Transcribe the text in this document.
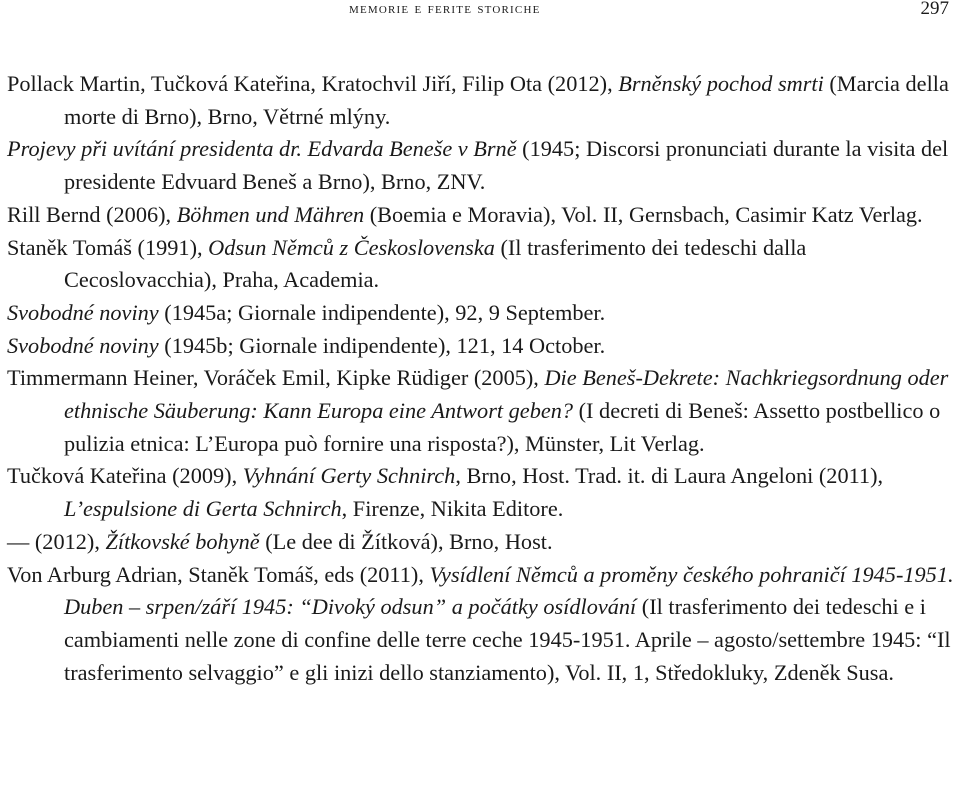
memorie e ferite storiche	297
Pollack Martin, Tučková Kateřina, Kratochvil Jiří, Filip Ota (2012), Brněnský pochod smrti (Marcia della morte di Brno), Brno, Větrné mlýny.
Projevy při uvítání presidenta dr. Edvarda Beneše v Brně (1945; Discorsi pronunciati durante la visita del presidente Edvuard Beneš a Brno), Brno, ZNV.
Rill Bernd (2006), Böhmen und Mähren (Boemia e Moravia), Vol. II, Gernsbach, Casimir Katz Verlag.
Staněk Tomáš (1991), Odsun Němců z Československa (Il trasferimento dei tedeschi dalla Cecoslovacchia), Praha, Academia.
Svobodné noviny (1945a; Giornale indipendente), 92, 9 September.
Svobodné noviny (1945b; Giornale indipendente), 121, 14 October.
Timmermann Heiner, Voráček Emil, Kipke Rüdiger (2005), Die Beneš-Dekrete: Nachkriegsordnung oder ethnische Säuberung: Kann Europa eine Antwort geben? (I decreti di Beneš: Assetto postbellico o pulizia etnica: L’Europa può fornire una risposta?), Münster, Lit Verlag.
Tučková Kateřina (2009), Vyhnání Gerty Schnirch, Brno, Host. Trad. it. di Laura Angeloni (2011), L’espulsione di Gerta Schnirch, Firenze, Nikita Editore.
— (2012), Žítkovské bohyně (Le dee di Žítková), Brno, Host.
Von Arburg Adrian, Staněk Tomáš, eds (2011), Vysídlení Němců a proměny českého pohraničí 1945-1951. Duben – srpen/září 1945: “Divoký odsun” a počátky osídlování (Il trasferimento dei tedeschi e i cambiamenti nelle zone di confine delle terre ceche 1945-1951. Aprile – agosto/settembre 1945: “Il trasferimento selvaggio” e gli inizi dello stanziamento), Vol. II, 1, Středokluky, Zdeněk Susa.
